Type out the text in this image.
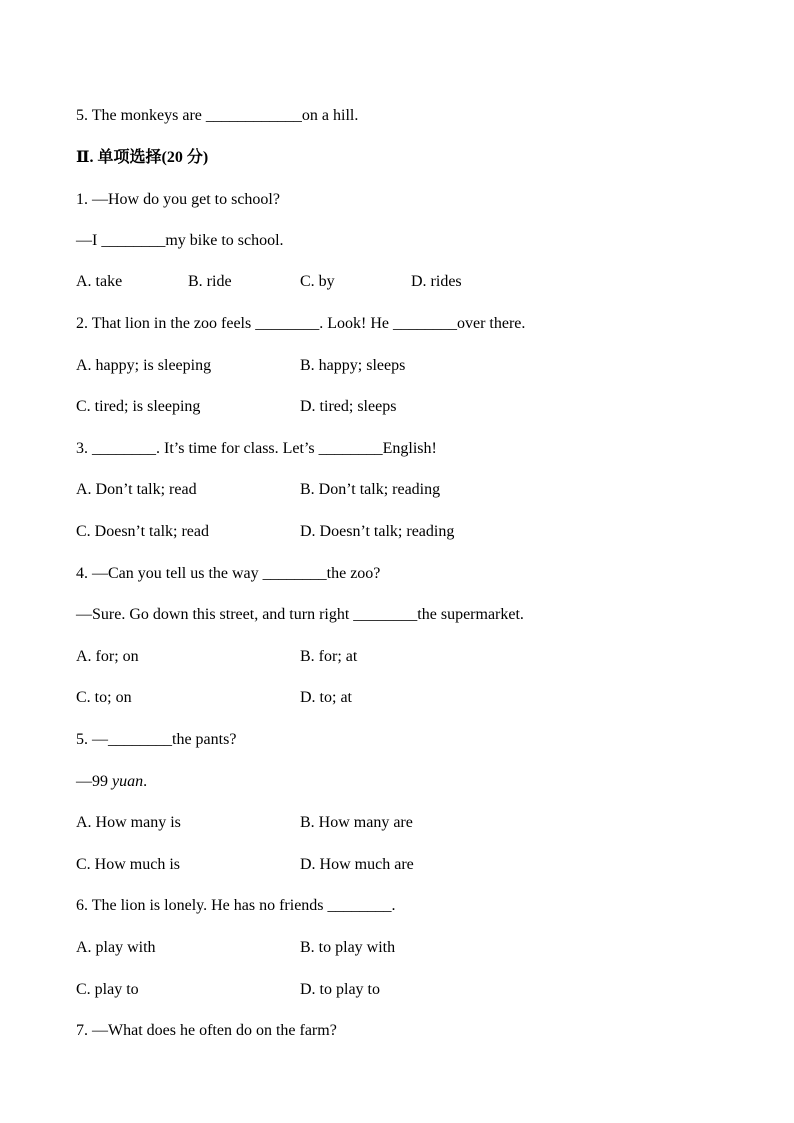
5. The monkeys are ____________on a hill.
Ⅱ. 单项选择(20 分)
1. —How do you get to school?
—I ________my bike to school.
A. take	B. ride	C. by	D. rides
2. That lion in the zoo feels ________. Look! He ________over there.
A. happy; is sleeping	B. happy; sleeps
C. tired; is sleeping	D. tired; sleeps
3. ________. It’s time for class. Let’s ________English!
A. Don’t talk; read	B. Don’t talk; reading
C. Doesn’t talk; read	D. Doesn’t talk; reading
4. —Can you tell us the way ________the zoo?
—Sure. Go down this street, and turn right ________the supermarket.
A. for; on	B. for; at
C. to; on	D. to; at
5. —________the pants?
—99 yuan.
A. How many is	B. How many are
C. How much is	D. How much are
6. The lion is lonely. He has no friends ________.
A. play with	B. to play with
C. play to	D. to play to
7. —What does he often do on the farm?
